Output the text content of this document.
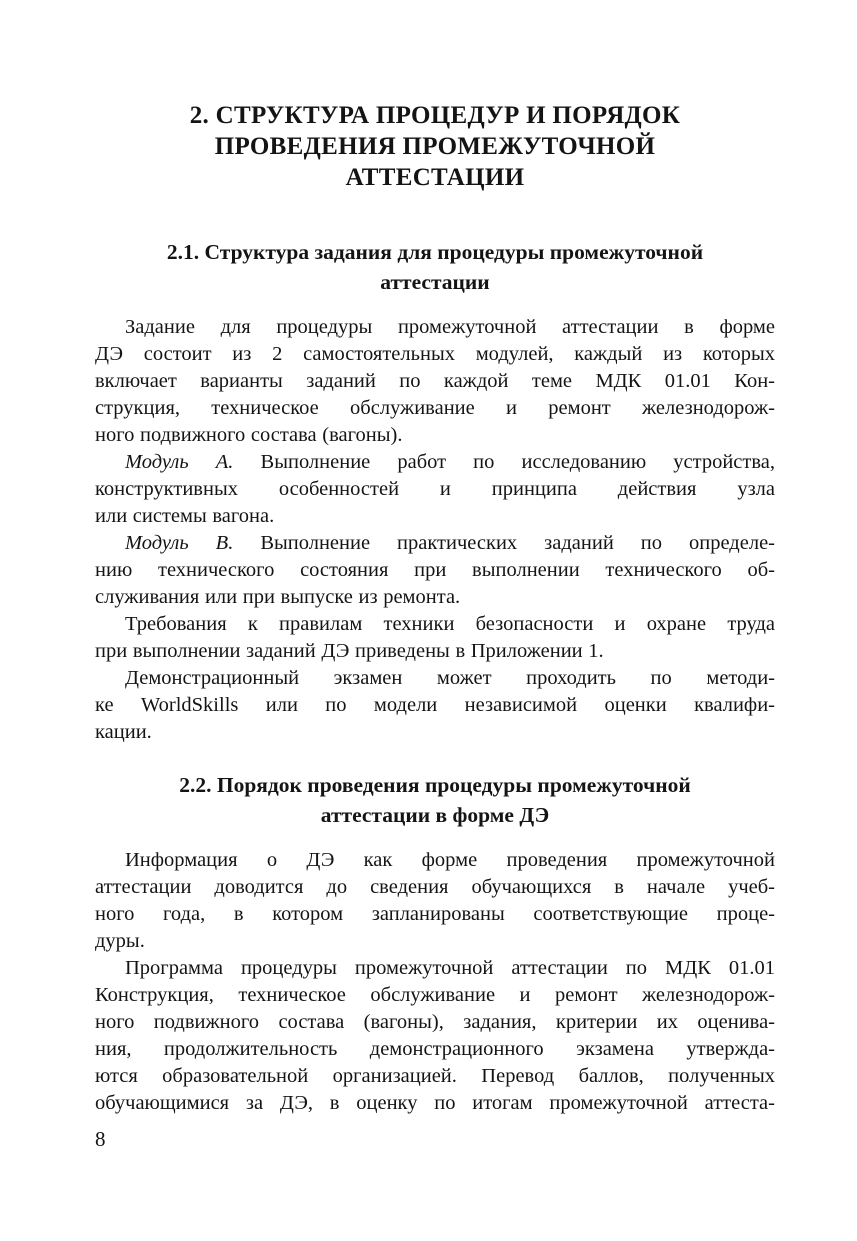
2. СТРУКТУРА ПРОЦЕДУР И ПОРЯДОК
ПРОВЕДЕНИЯ ПРОМЕЖУТОЧНОЙ
АТТЕСТАЦИИ
2.1. Структура задания для процедуры промежуточной
аттестации
Задание для процедуры промежуточной аттестации в форме
ДЭ состоит из 2 самостоятельных модулей, каждый из которых
включает варианты заданий по каждой теме МДК 01.01 Кон-
струкция, техническое обслуживание и ремонт железнодорож-
ного подвижного состава (вагоны).
Модуль А. Выполнение работ по исследованию устройства,
конструктивных особенностей и принципа действия узла
или системы вагона.
Модуль В. Выполнение практических заданий по определе-
нию технического состояния при выполнении технического об-
служивания или при выпуске из ремонта.
Требования к правилам техники безопасности и охране труда
при выполнении заданий ДЭ приведены в Приложении 1.
Демонстрационный экзамен может проходить по методи-
ке WorldSkills или по модели независимой оценки квалифи-
кации.
2.2. Порядок проведения процедуры промежуточной
аттестации в форме ДЭ
Информация о ДЭ как форме проведения промежуточной
аттестации доводится до сведения обучающихся в начале учеб-
ного года, в котором запланированы соответствующие проце-
дуры.
Программа процедуры промежуточной аттестации по МДК 01.01
Конструкция, техническое обслуживание и ремонт железнодорож-
ного подвижного состава (вагоны), задания, критерии их оценива-
ния, продолжительность демонстрационного экзамена утвержда-
ются образовательной организацией. Перевод баллов, полученных
обучающимися за ДЭ, в оценку по итогам промежуточной аттеста-
8
